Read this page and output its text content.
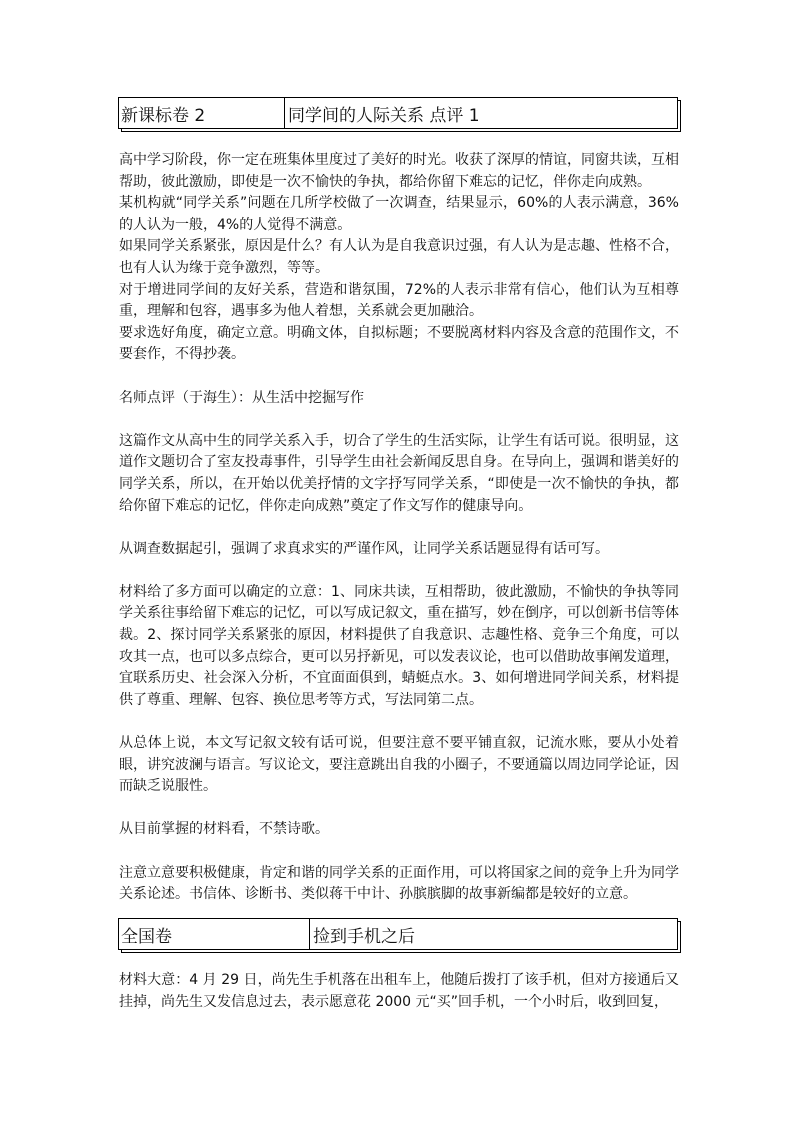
新课标卷 2	同学间的人际关系 点评 1

高中学习阶段，你一定在班集体里度过了美好的时光。收获了深厚的情谊，同窗共读，互相帮助，彼此激励，即使是一次不愉快的争执，都给你留下难忘的记忆，伴你走向成熟。

某机构就“同学关系”问题在几所学校做了一次调查，结果显示，60%的人表示满意，36%的人认为一般，4%的人觉得不满意。

如果同学关系紧张，原因是什么？有人认为是自我意识过强，有人认为是志趣、性格不合，也有人认为缘于竞争激烈，等等。

对于增进同学间的友好关系，营造和谐氛围，72%的人表示非常有信心，他们认为互相尊重，理解和包容，遇事多为他人着想，关系就会更加融洽。

要求选好角度，确定立意。明确文体，自拟标题；不要脱离材料内容及含意的范围作文，不要套作，不得抄袭。

名师点评（于海生）：从生活中挖掘写作

这篇作文从高中生的同学关系入手，切合了学生的生活实际，让学生有话可说。很明显，这道作文题切合了室友投毒事件，引导学生由社会新闻反思自身。在导向上，强调和谐美好的同学关系，所以，在开始以优美抒情的文字抒写同学关系，“即使是一次不愉快的争执，都给你留下难忘的记忆，伴你走向成熟”奠定了作文写作的健康导向。

从调查数据起引，强调了求真求实的严谨作风，让同学关系话题显得有话可写。

材料给了多方面可以确定的立意：1、同床共读，互相帮助，彼此激励，不愉快的争执等同学关系往事给留下难忘的记忆，可以写成记叙文，重在描写，妙在倒序，可以创新书信等体裁。2、探讨同学关系紧张的原因，材料提供了自我意识、志趣性格、竞争三个角度，可以攻其一点，也可以多点综合，更可以另抒新见，可以发表议论，也可以借助故事阐发道理，宜联系历史、社会深入分析，不宜面面俱到，蜻蜓点水。3、如何增进同学间关系，材料提供了尊重、理解、包容、换位思考等方式，写法同第二点。

从总体上说，本文写记叙文较有话可说，但要注意不要平铺直叙，记流水账，要从小处着眼，讲究波澜与语言。写议论文，要注意跳出自我的小圈子，不要通篇以周边同学论证，因而缺乏说服性。

从目前掌握的材料看，不禁诗歌。

注意立意要积极健康，肯定和谐的同学关系的正面作用，可以将国家之间的竞争上升为同学关系论述。书信体、诊断书、类似蒋干中计、孙膑膑脚的故事新编都是较好的立意。

全国卷	捡到手机之后

材料大意：4 月 29 日，尚先生手机落在出租车上，他随后拨打了该手机，但对方接通后又挂掉，尚先生又发信息过去，表示愿意花 2000 元“买”回手机，一个小时后，收到回复，
